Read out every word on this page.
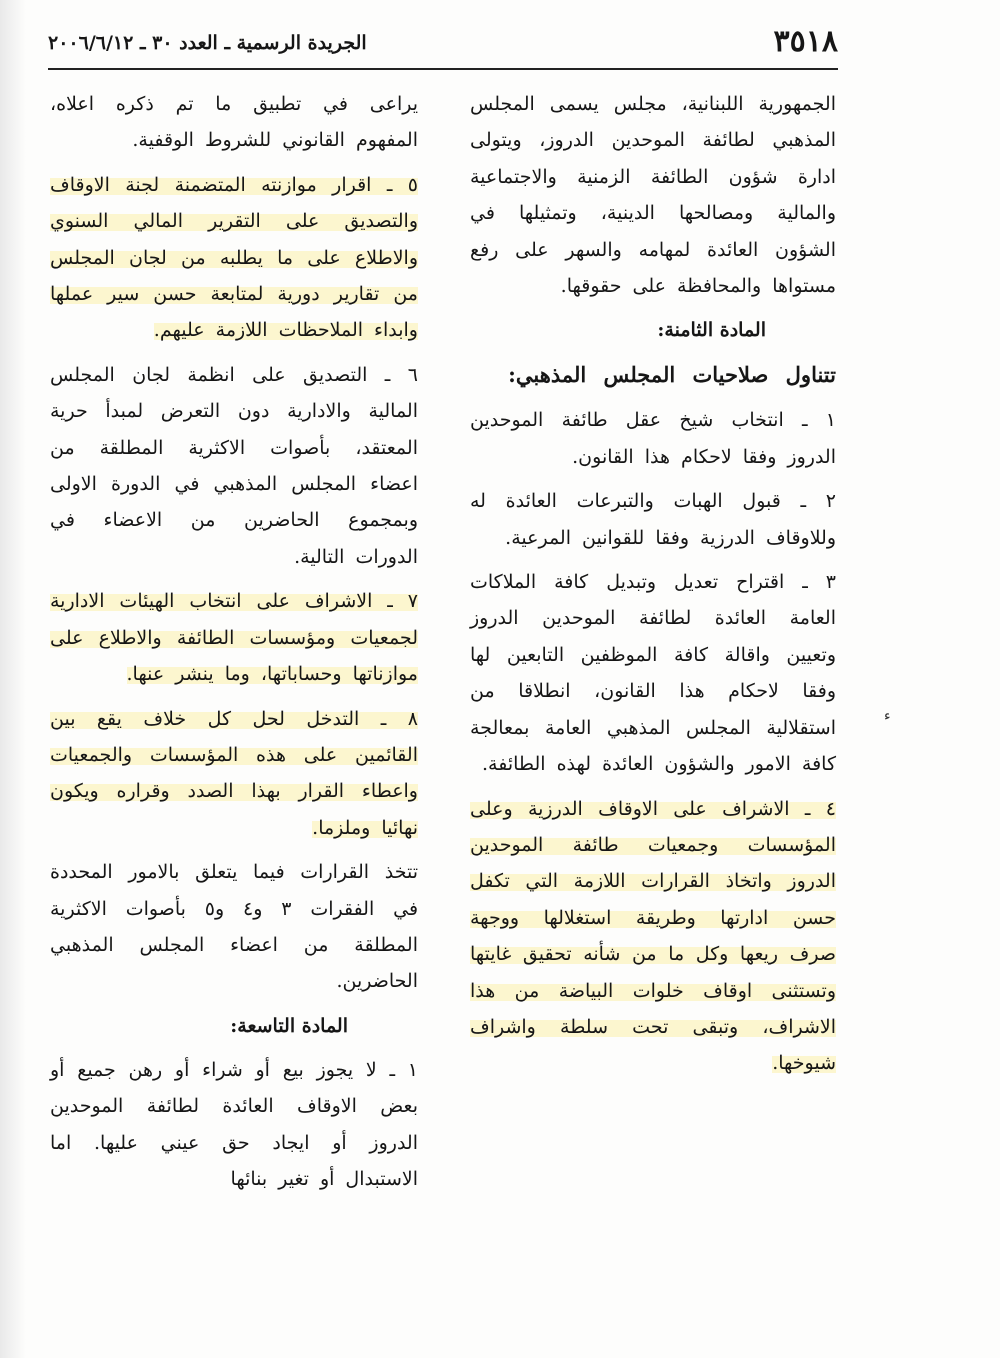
٣٥١٨
الجريدة الرسمية ـ العدد ٣٠ ـ ٢٠٠٦/٦/١٢

الجمهورية اللبنانية، مجلس يسمى المجلس المذهبي لطائفة الموحدين الدروز، ويتولى ادارة شؤون الطائفة الزمنية والاجتماعية والمالية ومصالحها الدينية، وتمثيلها في الشؤون العائدة لمهامه والسهر على رفع مستواها والمحافظة على حقوقها.

المادة الثامنة:

تتناول صلاحيات المجلس المذهبي:

١ ـ انتخاب شيخ عقل طائفة الموحدين الدروز وفقا لاحكام هذا القانون.

٢ ـ قبول الهبات والتبرعات العائدة له وللاوقاف الدرزية وفقا للقوانين المرعية.

٣ ـ اقتراح تعديل وتبديل كافة الملاكات العامة العائدة لطائفة الموحدين الدروز وتعيين واقالة كافة الموظفين التابعين لها وفقا لاحكام هذا القانون، انطلاقا من استقلالية المجلس المذهبي العامة بمعالجة كافة الامور والشؤون العائدة لهذه الطائفة.

٤ ـ الاشراف على الاوقاف الدرزية وعلى المؤسسات وجمعيات طائفة الموحدين الدروز واتخاذ القرارات اللازمة التي تكفل حسن ادارتها وطريقة استغلالها ووجهة صرف ريعها وكل ما من شأنه تحقيق غايتها وتستثنى اوقاف خلوات البياضة من هذا الاشراف، وتبقى تحت سلطة واشراف شيوخها.

يراعى في تطبيق ما تم ذكره اعلاه، المفهوم القانوني للشروط الوقفية.

٥ ـ اقرار موازنته المتضمنة لجنة الاوقاف والتصديق على التقرير المالي السنوي والاطلاع على ما يطلبه من لجان المجلس من تقارير دورية لمتابعة حسن سير عملها وابداء الملاحظات اللازمة عليهم.

٦ ـ التصديق على انظمة لجان المجلس المالية والادارية دون التعرض لمبدأ حرية المعتقد، بأصوات الاكثرية المطلقة من اعضاء المجلس المذهبي في الدورة الاولى وبمجموع الحاضرين من الاعضاء في الدورات التالية.

٧ ـ الاشراف على انتخاب الهيئات الادارية لجمعيات ومؤسسات الطائفة والاطلاع على موازناتها وحساباتها، وما ينشر عنها.

٨ ـ التدخل لحل كل خلاف يقع بين القائمين على هذه المؤسسات والجمعيات واعطاء القرار بهذا الصدد وقراره ويكون نهائيا وملزما.

تتخذ القرارات فيما يتعلق بالامور المحددة في الفقرات ٣ و٤ و٥ بأصوات الاكثرية المطلقة من اعضاء المجلس المذهبي الحاضرين.

المادة التاسعة:

١ ـ لا يجوز بيع أو شراء أو رهن جميع أو بعض الاوقاف العائدة لطائفة الموحدين الدروز أو ايجاد حق عيني عليها. اما الاستبدال أو تغير بنائها

ء
